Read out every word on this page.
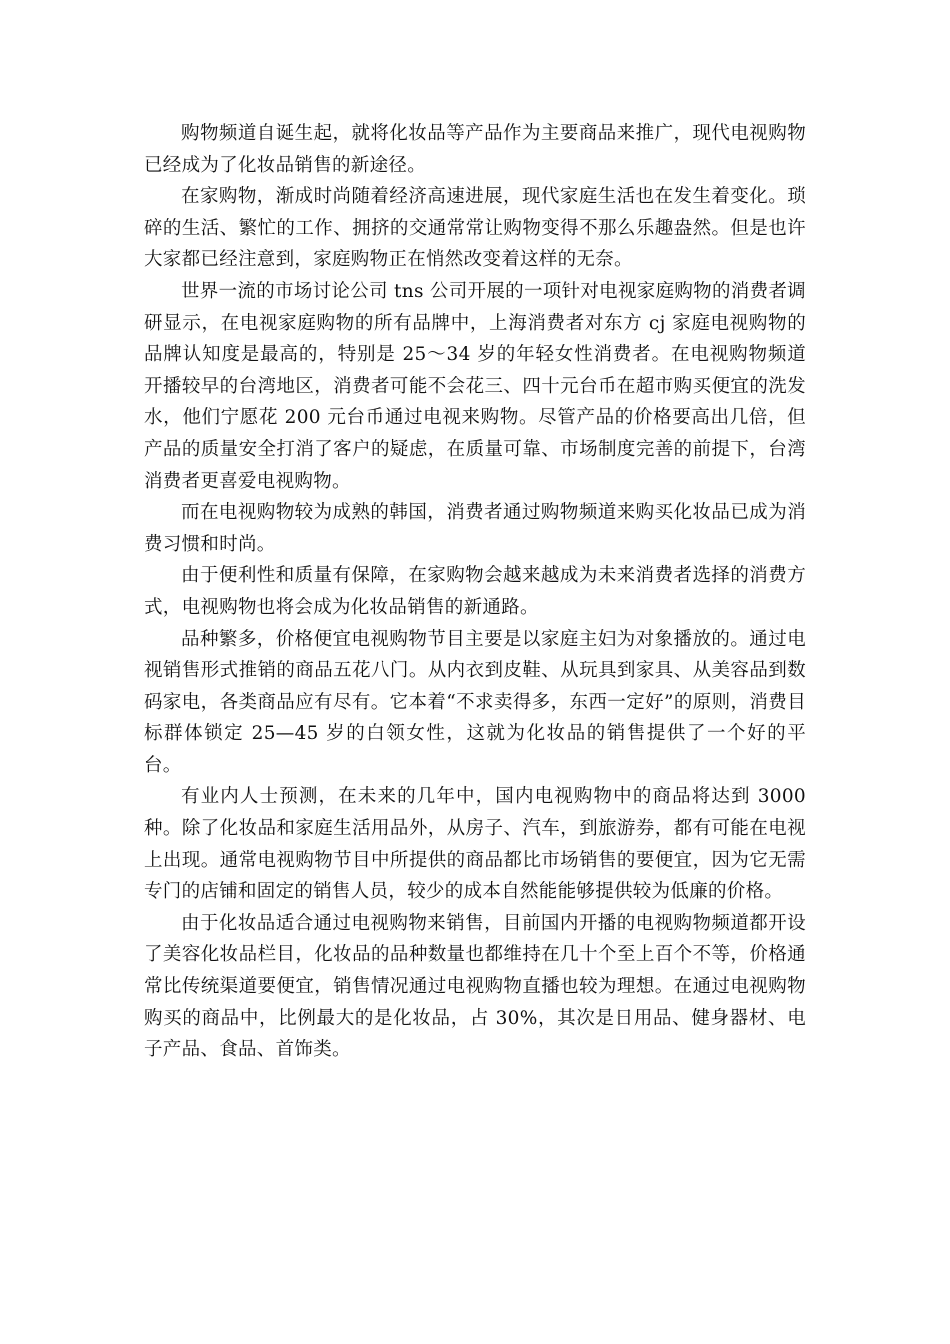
购物频道自诞生起，就将化妆品等产品作为主要商品来推广，现代电视购物已经成为了化妆品销售的新途径。

在家购物，渐成时尚随着经济高速进展，现代家庭生活也在发生着变化。琐碎的生活、繁忙的工作、拥挤的交通常常让购物变得不那么乐趣盎然。但是也许大家都已经注意到，家庭购物正在悄然改变着这样的无奈。

世界一流的市场讨论公司 tns 公司开展的一项针对电视家庭购物的消费者调研显示，在电视家庭购物的所有品牌中，上海消费者对东方 cj 家庭电视购物的品牌认知度是最高的，特别是 25～34 岁的年轻女性消费者。在电视购物频道开播较早的台湾地区，消费者可能不会花三、四十元台币在超市购买便宜的洗发水，他们宁愿花 200 元台币通过电视来购物。尽管产品的价格要高出几倍，但产品的质量安全打消了客户的疑虑，在质量可靠、市场制度完善的前提下，台湾消费者更喜爱电视购物。

而在电视购物较为成熟的韩国，消费者通过购物频道来购买化妆品已成为消费习惯和时尚。

由于便利性和质量有保障，在家购物会越来越成为未来消费者选择的消费方式，电视购物也将会成为化妆品销售的新通路。

品种繁多，价格便宜电视购物节目主要是以家庭主妇为对象播放的。通过电视销售形式推销的商品五花八门。从内衣到皮鞋、从玩具到家具、从美容品到数码家电，各类商品应有尽有。它本着“不求卖得多，东西一定好”的原则，消费目标群体锁定 25—45 岁的白领女性，这就为化妆品的销售提供了一个好的平台。

有业内人士预测，在未来的几年中，国内电视购物中的商品将达到 3000 种。除了化妆品和家庭生活用品外，从房子、汽车，到旅游券，都有可能在电视上出现。通常电视购物节目中所提供的商品都比市场销售的要便宜，因为它无需专门的店铺和固定的销售人员，较少的成本自然能能够提供较为低廉的价格。

由于化妆品适合通过电视购物来销售，目前国内开播的电视购物频道都开设了美容化妆品栏目，化妆品的品种数量也都维持在几十个至上百个不等，价格通常比传统渠道要便宜，销售情况通过电视购物直播也较为理想。在通过电视购物购买的商品中，比例最大的是化妆品，占 30%，其次是日用品、健身器材、电子产品、食品、首饰类。
